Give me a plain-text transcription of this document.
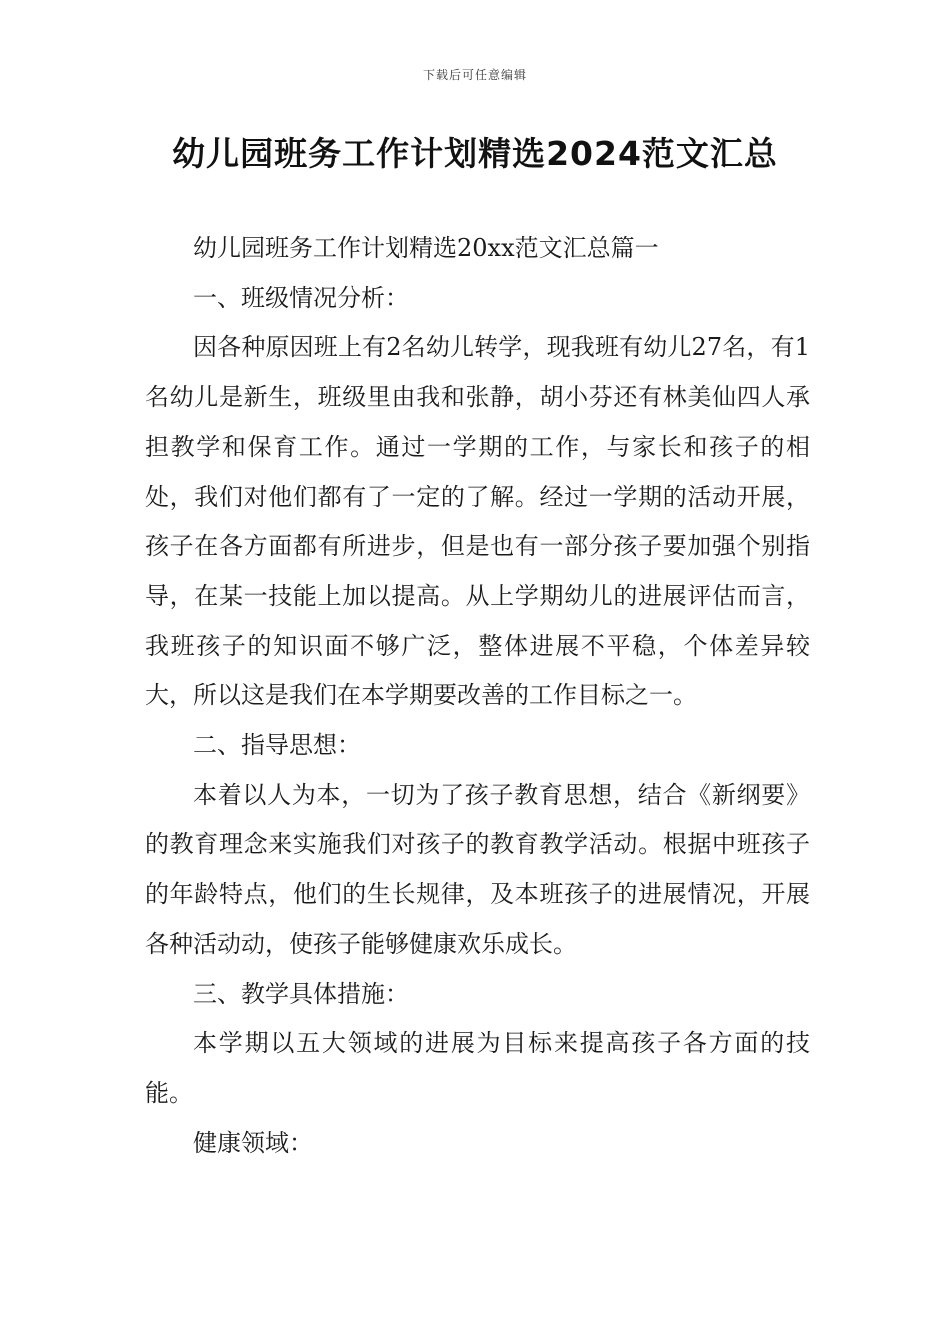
下载后可任意编辑
幼儿园班务工作计划精选2024范文汇总

幼儿园班务工作计划精选20xx范文汇总篇一

一、班级情况分析：

因各种原因班上有2名幼儿转学，现我班有幼儿27名，有1名幼儿是新生，班级里由我和张静，胡小芬还有林美仙四人承担教学和保育工作。通过一学期的工作，与家长和孩子的相处，我们对他们都有了一定的了解。经过一学期的活动开展，孩子在各方面都有所进步，但是也有一部分孩子要加强个别指导，在某一技能上加以提高。从上学期幼儿的进展评估而言，我班孩子的知识面不够广泛，整体进展不平稳，个体差异较大，所以这是我们在本学期要改善的工作目标之一。

二、指导思想：

本着以人为本，一切为了孩子教育思想，结合《新纲要》的教育理念来实施我们对孩子的教育教学活动。根据中班孩子的年龄特点，他们的生长规律，及本班孩子的进展情况，开展各种活动动，使孩子能够健康欢乐成长。

三、教学具体措施：

本学期以五大领域的进展为目标来提高孩子各方面的技能。

健康领域：
